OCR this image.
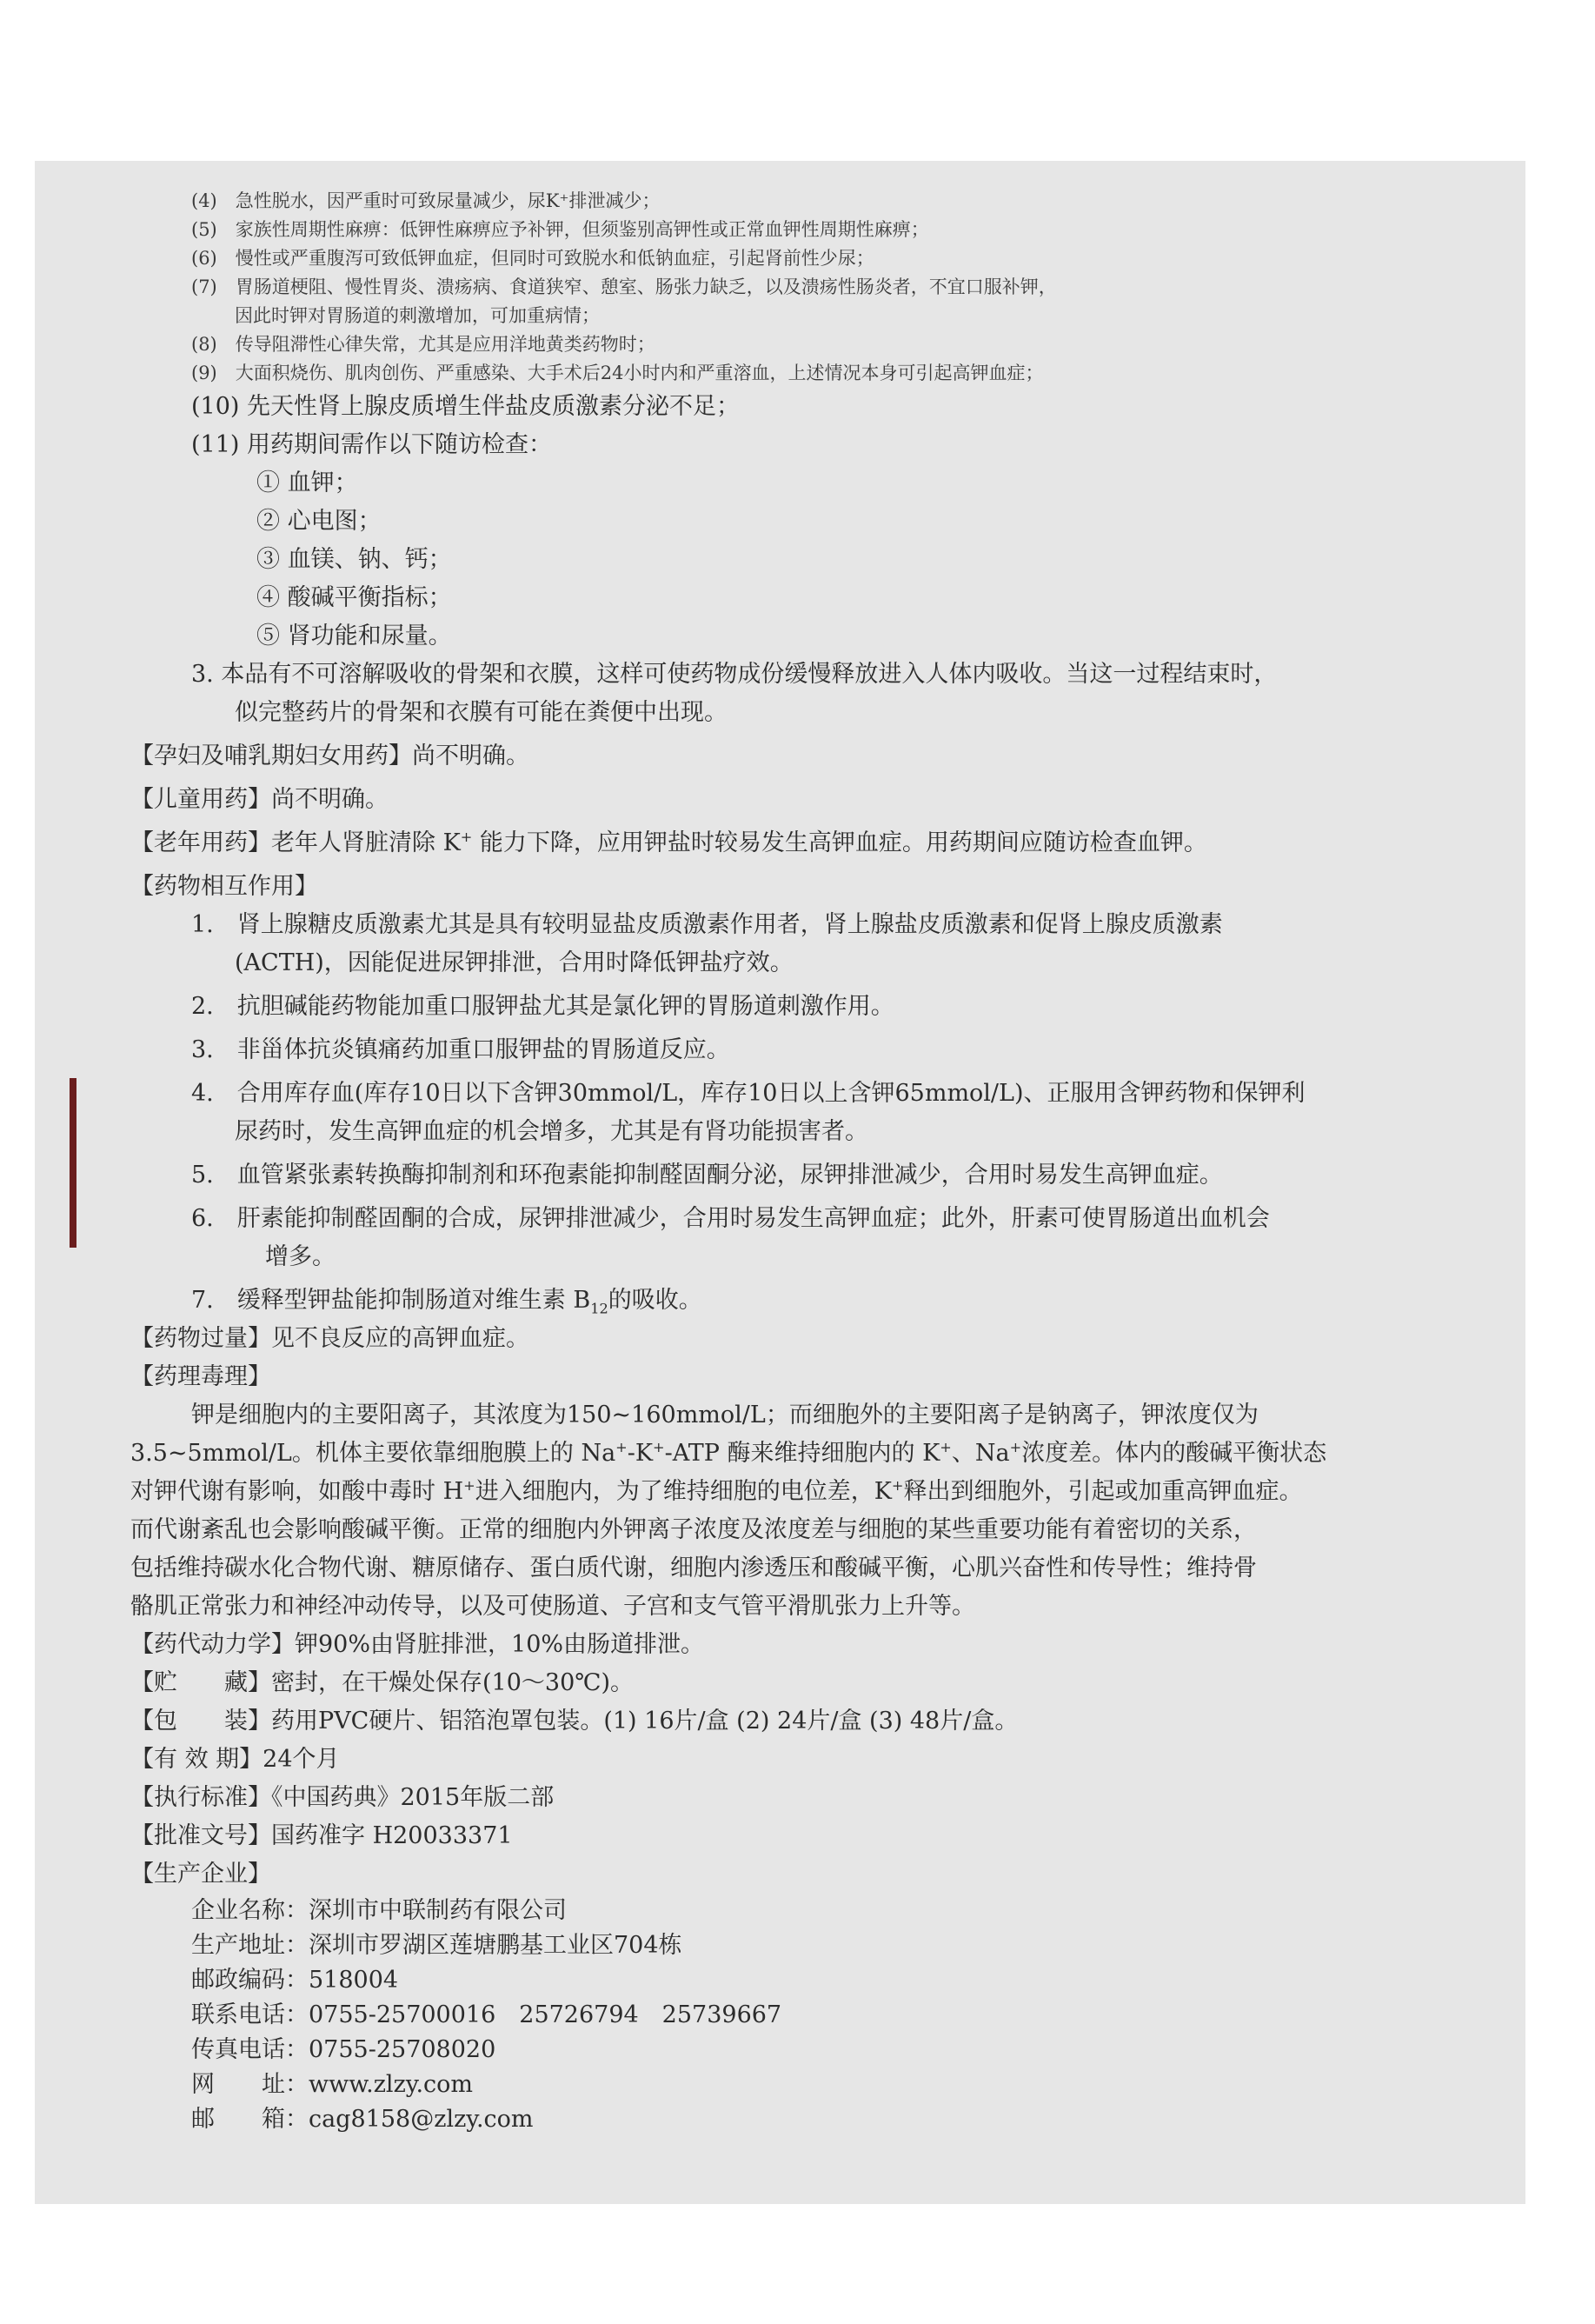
(4)　急性脱水，因严重时可致尿量减少，尿K⁺排泄减少；
(5)　家族性周期性麻痹：低钾性麻痹应予补钾，但须鉴别高钾性或正常血钾性周期性麻痹；
(6)　慢性或严重腹泻可致低钾血症，但同时可致脱水和低钠血症，引起肾前性少尿；
(7)　胃肠道梗阻、慢性胃炎、溃疡病、食道狭窄、憩室、肠张力缺乏，以及溃疡性肠炎者，不宜口服补钾，
因此时钾对胃肠道的刺激增加，可加重病情；
(8)　传导阻滞性心律失常，尤其是应用洋地黄类药物时；
(9)　大面积烧伤、肌肉创伤、严重感染、大手术后24小时内和严重溶血，上述情况本身可引起高钾血症；
(10) 先天性肾上腺皮质增生伴盐皮质激素分泌不足；
(11) 用药期间需作以下随访检查：
① 血钾；
② 心电图；
③ 血镁、钠、钙；
④ 酸碱平衡指标；
⑤ 肾功能和尿量。
3. 本品有不可溶解吸收的骨架和衣膜，这样可使药物成份缓慢释放进入人体内吸收。当这一过程结束时，
似完整药片的骨架和衣膜有可能在粪便中出现。
【孕妇及哺乳期妇女用药】尚不明确。
【儿童用药】尚不明确。
【老年用药】老年人肾脏清除 K+ 能力下降，应用钾盐时较易发生高钾血症。用药期间应随访检查血钾。
【药物相互作用】
1.　肾上腺糖皮质激素尤其是具有较明显盐皮质激素作用者，肾上腺盐皮质激素和促肾上腺皮质激素
(ACTH)，因能促进尿钾排泄，合用时降低钾盐疗效。
2.　抗胆碱能药物能加重口服钾盐尤其是氯化钾的胃肠道刺激作用。
3.　非甾体抗炎镇痛药加重口服钾盐的胃肠道反应。
4.　合用库存血(库存10日以下含钾30mmol/L，库存10日以上含钾65mmol/L)、正服用含钾药物和保钾利
尿药时，发生高钾血症的机会增多，尤其是有肾功能损害者。
5.　血管紧张素转换酶抑制剂和环孢素能抑制醛固酮分泌，尿钾排泄减少，合用时易发生高钾血症。
6.　肝素能抑制醛固酮的合成，尿钾排泄减少，合用时易发生高钾血症；此外，肝素可使胃肠道出血机会
增多。
7.　缓释型钾盐能抑制肠道对维生素 $B_{12}$的吸收。
【药物过量】见不良反应的高钾血症。
【药理毒理】
钾是细胞内的主要阳离子，其浓度为150~160mmol/L；而细胞外的主要阳离子是钠离子，钾浓度仅为
3.5~5mmol/L。机体主要依靠细胞膜上的 Na+-K+-ATP 酶来维持细胞内的 K+、Na+浓度差。体内的酸碱平衡状态
对钾代谢有影响，如酸中毒时 H+进入细胞内，为了维持细胞的电位差，K+释出到细胞外，引起或加重高钾血症。
而代谢紊乱也会影响酸碱平衡。正常的细胞内外钾离子浓度及浓度差与细胞的某些重要功能有着密切的关系，
包括维持碳水化合物代谢、糖原储存、蛋白质代谢，细胞内渗透压和酸碱平衡，心肌兴奋性和传导性；维持骨
骼肌正常张力和神经冲动传导，以及可使肠道、子宫和支气管平滑肌张力上升等。
【药代动力学】钾90%由肾脏排泄，10%由肠道排泄。
【贮　　藏】密封，在干燥处保存(10～30℃)。
【包　　装】药用PVC硬片、铝箔泡罩包装。(1) 16片/盒 (2) 24片/盒 (3) 48片/盒。
【有 效 期】24个月
【执行标准】《中国药典》2015年版二部
【批准文号】国药准字 H20033371
【生产企业】
企业名称：深圳市中联制药有限公司
生产地址：深圳市罗湖区莲塘鹏基工业区704栋
邮政编码：518004
联系电话：0755-25700016　25726794　25739667
传真电话：0755-25708020
网　　址：www.zlzy.com
邮　　箱：cag8158@zlzy.com
